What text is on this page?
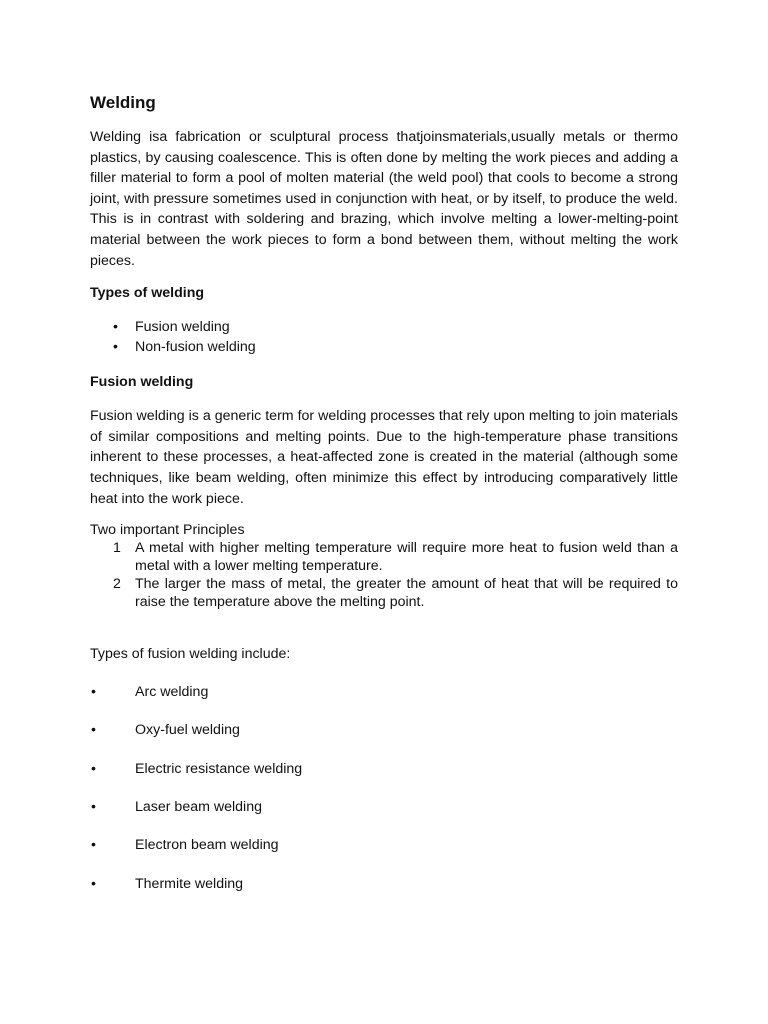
Welding

Welding isa fabrication or sculptural process thatjoinsmaterials,usually metals or thermo plastics, by causing coalescence. This is often done by melting the work pieces and adding a filler material to form a pool of molten material (the weld pool) that cools to become a strong joint, with pressure sometimes used in conjunction with heat, or by itself, to produce the weld. This is in contrast with soldering and brazing, which involve melting a lower-melting-point material between the work pieces to form a bond between them, without melting the work pieces.

Types of welding

• Fusion welding
• Non-fusion welding

Fusion welding

Fusion welding is a generic term for welding processes that rely upon melting to join materials of similar compositions and melting points. Due to the high-temperature phase transitions inherent to these processes, a heat-affected zone is created in the material (although some techniques, like beam welding, often minimize this effect by introducing comparatively little heat into the work piece.

Two important Principles

1 A metal with higher melting temperature will require more heat to fusion weld than a metal with a lower melting temperature.
2 The larger the mass of metal, the greater the amount of heat that will be required to raise the temperature above the melting point.

Types of fusion welding include:

•	Arc welding
•	Oxy-fuel welding
•	Electric resistance welding
•	Laser beam welding
•	Electron beam welding
•	Thermite welding
